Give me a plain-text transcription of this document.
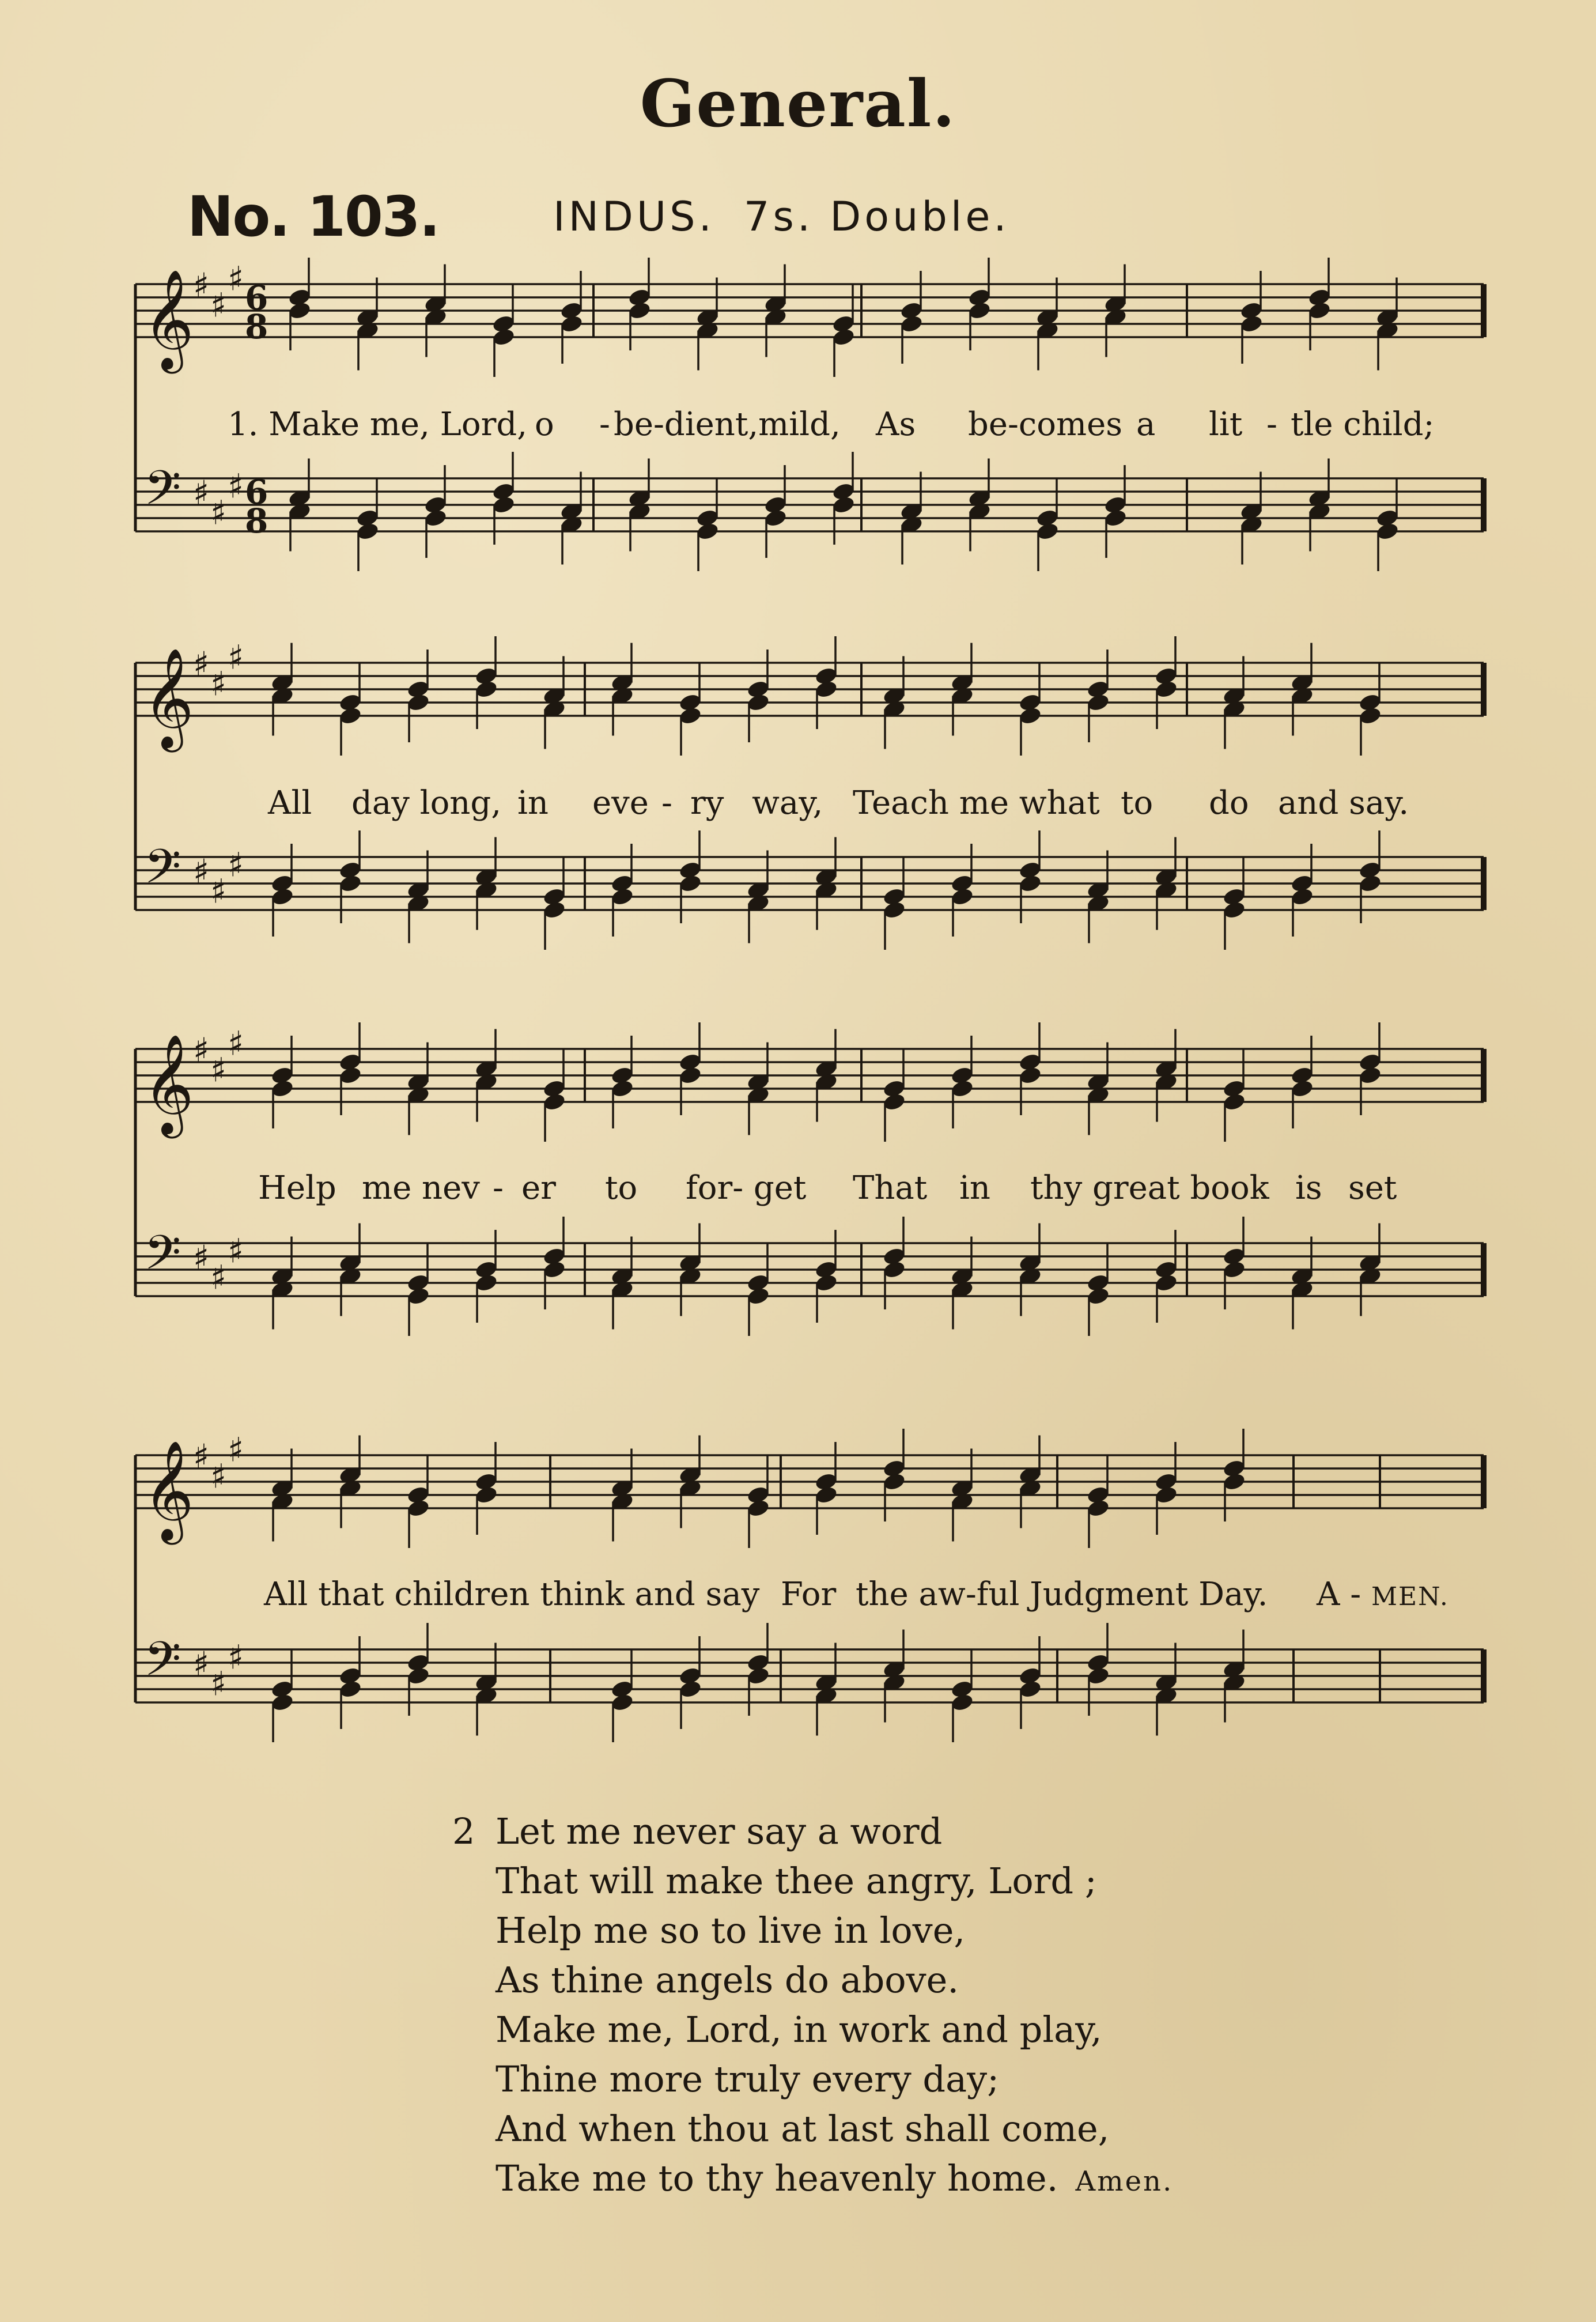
General.
No. 103.	INDUS. 7s. Double.
𝄞
♯
♯
♯ 6
8
𝄢 ♯
♯
♯ 6
8
𝄞
♯
♯
♯
𝄢 ♯
♯
♯
𝄞
♯
♯
♯
𝄢 ♯
♯
♯
𝄞
♯
♯
♯
𝄢 ♯
♯
♯
1. Make me, Lord, o - be-dient,mild, As be-comes a lit - tle child;
All day long, in eve - ry way, Teach me what to do and say.
Help me nev - er to for- get That in thy great book is set
All that children think and say For the aw-ful Judgment Day. A - MEN.
2 Let me never say a word
That will make thee angry, Lord ;
Help me so to live in love,
As thine angels do above.
Make me, Lord, in work and play,
Thine more truly every day;
And when thou at last shall come,
Take me to thy heavenly home. Amen.
